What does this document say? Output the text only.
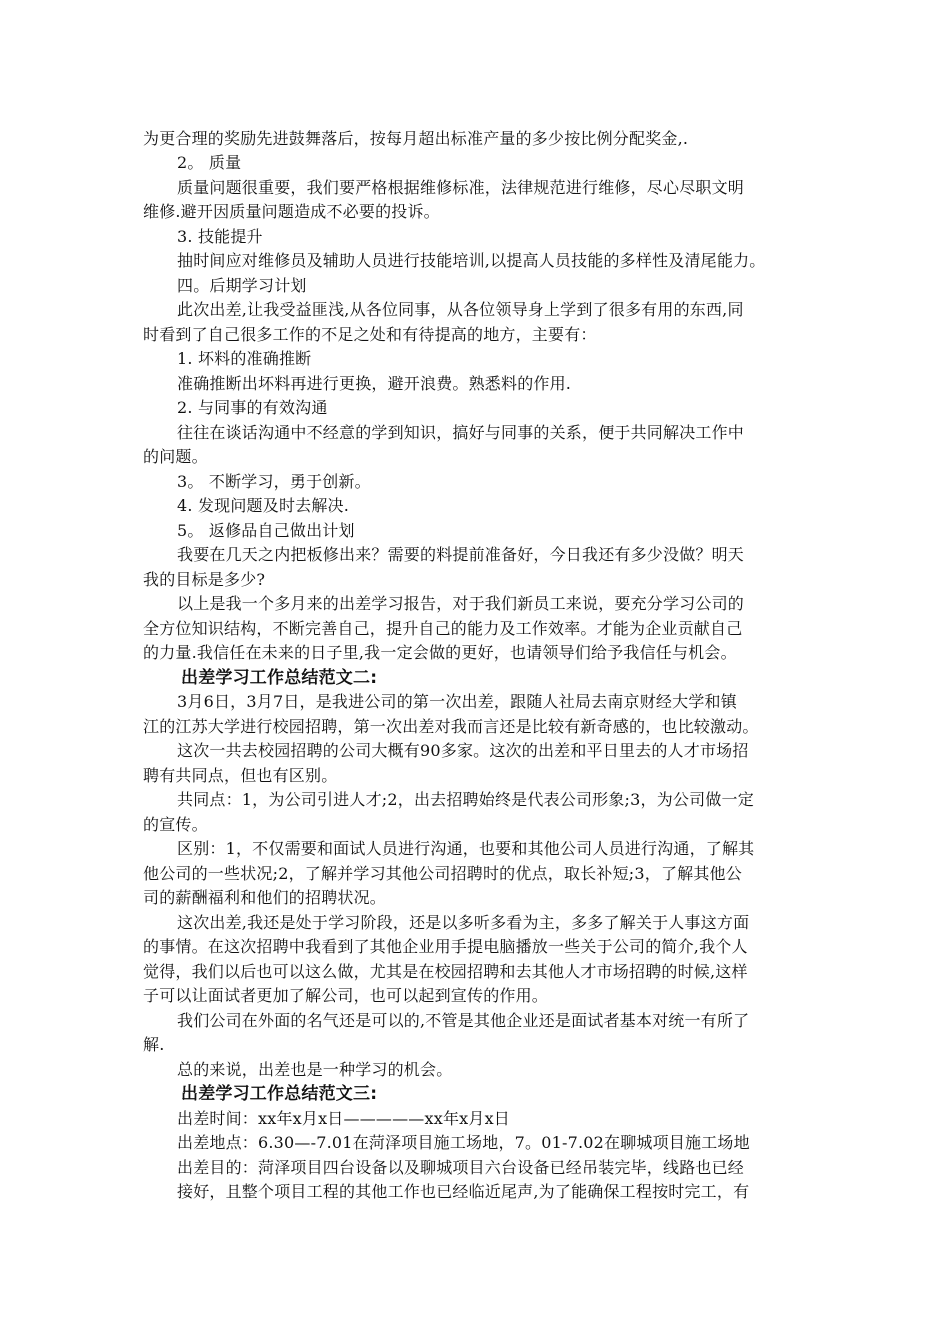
为更合理的奖励先进鼓舞落后，按每月超出标准产量的多少按比例分配奖金,.
2。 质量
质量问题很重要，我们要严格根据维修标准，法律规范进行维修，尽心尽职文明
维修.避开因质量问题造成不必要的投诉。
3. 技能提升
抽时间应对维修员及辅助人员进行技能培训,以提高人员技能的多样性及清尾能力。
四。后期学习计划
此次出差,让我受益匪浅,从各位同事，从各位领导身上学到了很多有用的东西,同
时看到了自己很多工作的不足之处和有待提高的地方，主要有：
1. 坏料的准确推断
准确推断出坏料再进行更换，避开浪费。熟悉料的作用.
2. 与同事的有效沟通
往往在谈话沟通中不经意的学到知识，搞好与同事的关系，便于共同解决工作中
的问题。
3。 不断学习，勇于创新。
4. 发现问题及时去解决.
5。 返修品自己做出计划
我要在几天之内把板修出来？需要的料提前准备好，今日我还有多少没做？明天
我的目标是多少?
以上是我一个多月来的出差学习报告，对于我们新员工来说，要充分学习公司的
全方位知识结构，不断完善自己，提升自己的能力及工作效率。才能为企业贡献自己
的力量.我信任在未来的日子里,我一定会做的更好，也请领导们给予我信任与机会。
出差学习工作总结范文二:
3月6日，3月7日，是我进公司的第一次出差，跟随人社局去南京财经大学和镇
江的江苏大学进行校园招聘，第一次出差对我而言还是比较有新奇感的，也比较激动。
这次一共去校园招聘的公司大概有90多家。这次的出差和平日里去的人才市场招
聘有共同点，但也有区别。
共同点：1，为公司引进人才;2，出去招聘始终是代表公司形象;3，为公司做一定
的宣传。
区别：1，不仅需要和面试人员进行沟通，也要和其他公司人员进行沟通，了解其
他公司的一些状况;2，了解并学习其他公司招聘时的优点，取长补短;3，了解其他公
司的薪酬福利和他们的招聘状况。
这次出差,我还是处于学习阶段，还是以多听多看为主，多多了解关于人事这方面
的事情。在这次招聘中我看到了其他企业用手提电脑播放一些关于公司的简介,我个人
觉得，我们以后也可以这么做，尤其是在校园招聘和去其他人才市场招聘的时候,这样
子可以让面试者更加了解公司，也可以起到宣传的作用。
我们公司在外面的名气还是可以的,不管是其他企业还是面试者基本对统一有所了
解.
总的来说，出差也是一种学习的机会。
出差学习工作总结范文三:
出差时间：xx年x月x日—————xx年x月x日
出差地点：6.30—-7.01在菏泽项目施工场地，7。01-7.02在聊城项目施工场地
出差目的：菏泽项目四台设备以及聊城项目六台设备已经吊装完毕，线路也已经
接好，且整个项目工程的其他工作也已经临近尾声,为了能确保工程按时完工，有
